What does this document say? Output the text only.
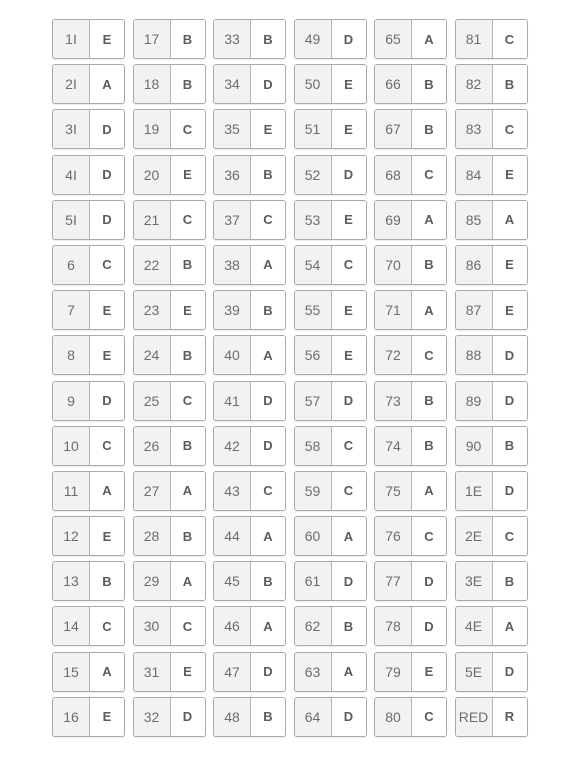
1I	E	17	B	33	B	49	D	65	A	81	C
2I	A	18	B	34	D	50	E	66	B	82	B
3I	D	19	C	35	E	51	E	67	B	83	C
4I	D	20	E	36	B	52	D	68	C	84	E
5I	D	21	C	37	C	53	E	69	A	85	A
6	C	22	B	38	A	54	C	70	B	86	E
7	E	23	E	39	B	55	E	71	A	87	E
8	E	24	B	40	A	56	E	72	C	88	D
9	D	25	C	41	D	57	D	73	B	89	D
10	C	26	B	42	D	58	C	74	B	90	B
11	A	27	A	43	C	59	C	75	A	1E	D
12	E	28	B	44	A	60	A	76	C	2E	C
13	B	29	A	45	B	61	D	77	D	3E	B
14	C	30	C	46	A	62	B	78	D	4E	A
15	A	31	E	47	D	63	A	79	E	5E	D
16	E	32	D	48	B	64	D	80	C	RED	R
